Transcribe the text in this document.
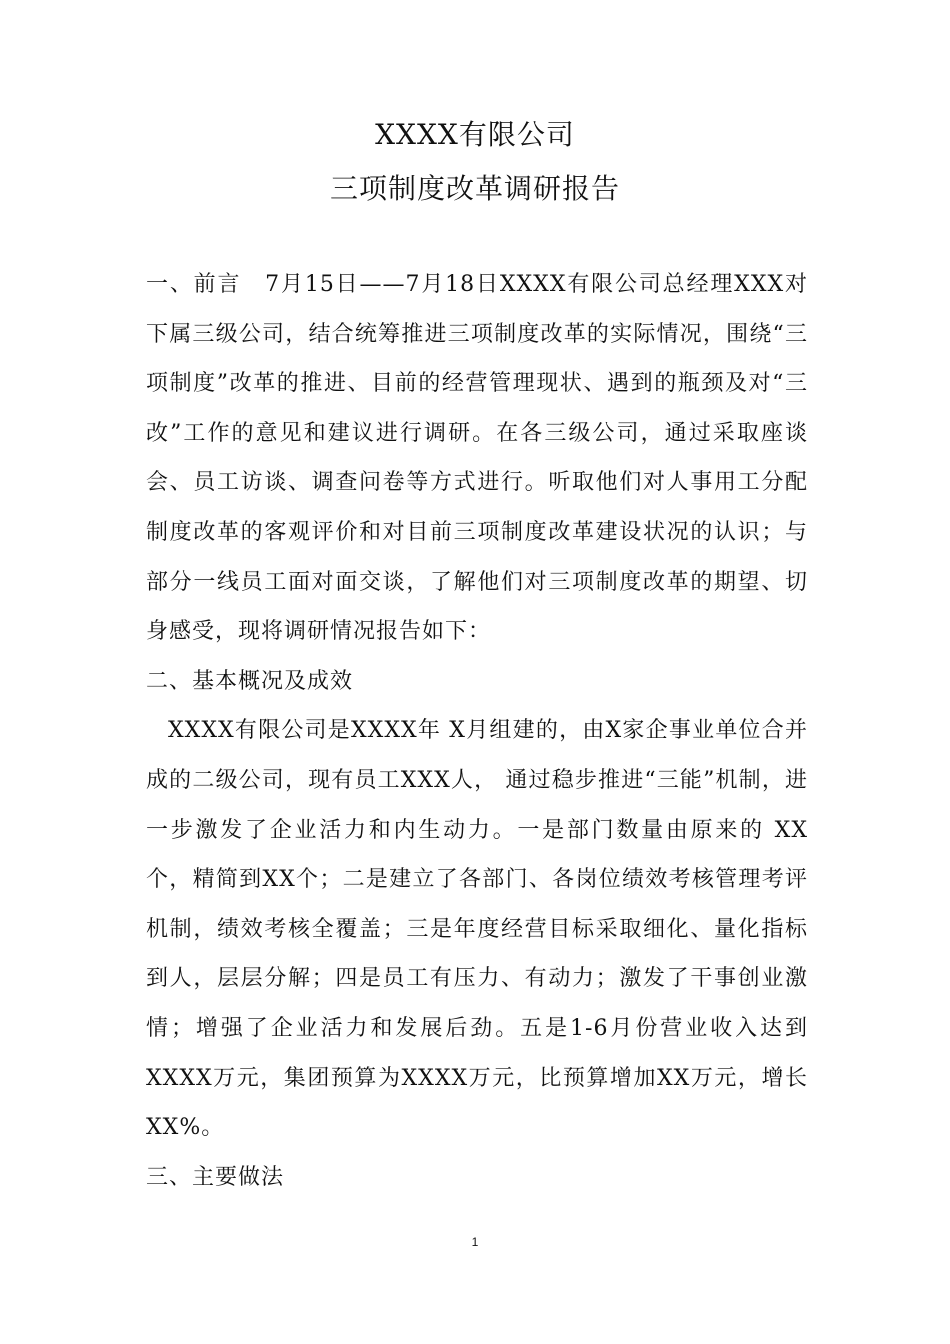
XXXX有限公司
三项制度改革调研报告

一、前言　7月15日——7月18日XXXX有限公司总经理XXX对下属三级公司，结合统筹推进三项制度改革的实际情况，围绕“三项制度”改革的推进、目前的经营管理现状、遇到的瓶颈及对“三改”工作的意见和建议进行调研。在各三级公司，通过采取座谈会、员工访谈、调查问卷等方式进行。听取他们对人事用工分配制度改革的客观评价和对目前三项制度改革建设状况的认识；与部分一线员工面对面交谈，了解他们对三项制度改革的期望、切身感受，现将调研情况报告如下：

二、基本概况及成效

XXXX有限公司是XXXX年 X月组建的，由X家企事业单位合并成的二级公司，现有员工XXX人， 通过稳步推进“三能”机制，进一步激发了企业活力和内生动力。一是部门数量由原来的 XX个，精简到XX个；二是建立了各部门、各岗位绩效考核管理考评机制，绩效考核全覆盖；三是年度经营目标采取细化、量化指标到人，层层分解；四是员工有压力、有动力；激发了干事创业激情；增强了企业活力和发展后劲。五是1-6月份营业收入达到XXXX万元，集团预算为XXXX万元，比预算增加XX万元，增长XX%。

三、主要做法

1
